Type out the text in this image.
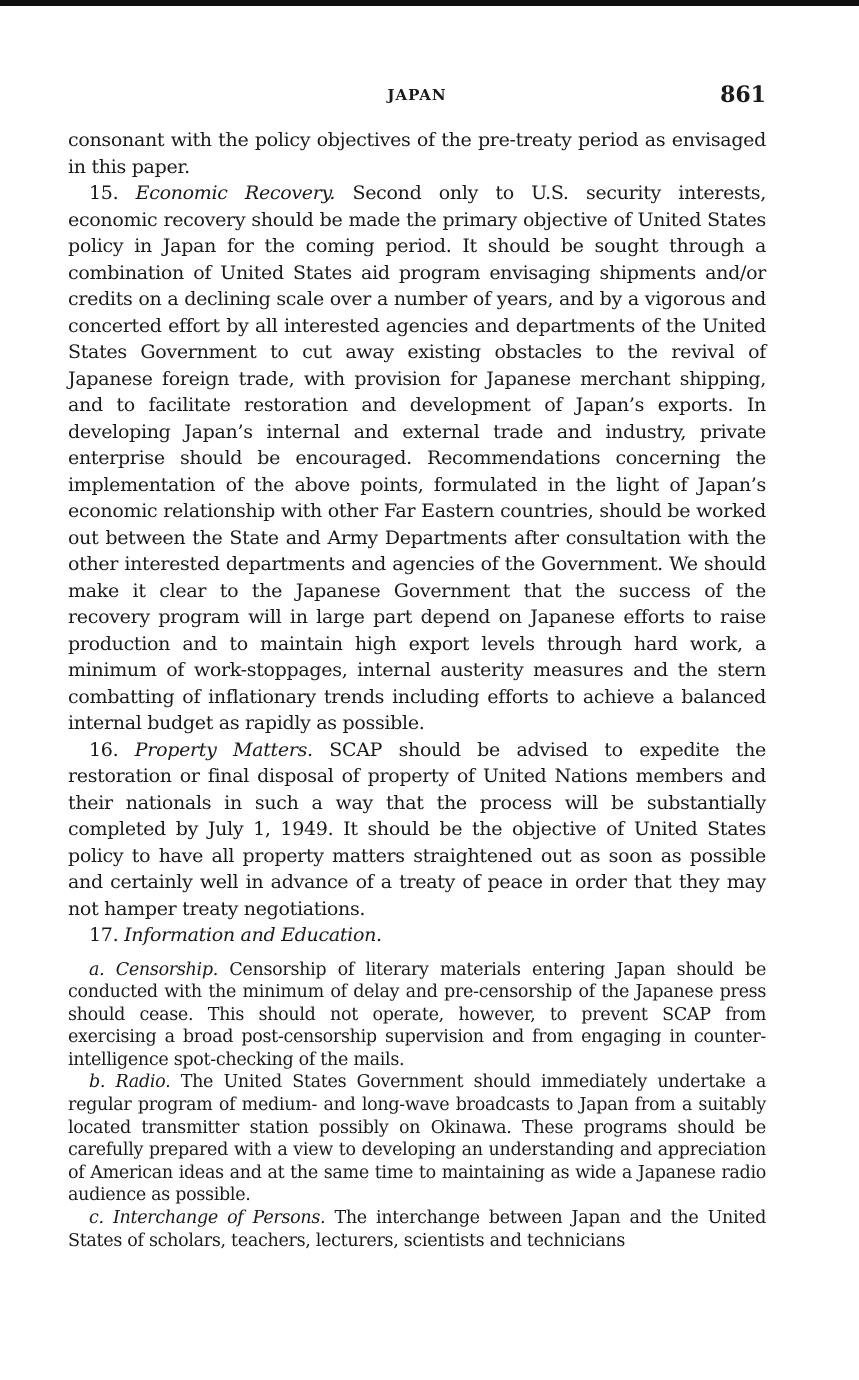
JAPAN	861

consonant with the policy objectives of the pre-treaty period as envisaged in this paper.

15. Economic Recovery. Second only to U.S. security interests, economic recovery should be made the primary objective of United States policy in Japan for the coming period. It should be sought through a combination of United States aid program envisaging shipments and/or credits on a declining scale over a number of years, and by a vigorous and concerted effort by all interested agencies and departments of the United States Government to cut away existing obstacles to the revival of Japanese foreign trade, with provision for Japanese merchant shipping, and to facilitate restoration and development of Japan’s exports. In developing Japan’s internal and external trade and industry, private enterprise should be encouraged. Recommendations concerning the implementation of the above points, formulated in the light of Japan’s economic relationship with other Far Eastern countries, should be worked out between the State and Army Departments after consultation with the other interested departments and agencies of the Government. We should make it clear to the Japanese Government that the success of the recovery program will in large part depend on Japanese efforts to raise production and to maintain high export levels through hard work, a minimum of work-stoppages, internal austerity measures and the stern combatting of inflationary trends including efforts to achieve a balanced internal budget as rapidly as possible.

16. Property Matters. SCAP should be advised to expedite the restoration or final disposal of property of United Nations members and their nationals in such a way that the process will be substantially completed by July 1, 1949. It should be the objective of United States policy to have all property matters straightened out as soon as possible and certainly well in advance of a treaty of peace in order that they may not hamper treaty negotiations.

17. Information and Education.

a. Censorship. Censorship of literary materials entering Japan should be conducted with the minimum of delay and pre-censorship of the Japanese press should cease. This should not operate, however, to prevent SCAP from exercising a broad post-censorship supervision and from engaging in counter-intelligence spot-checking of the mails.

b. Radio. The United States Government should immediately undertake a regular program of medium- and long-wave broadcasts to Japan from a suitably located transmitter station possibly on Okinawa. These programs should be carefully prepared with a view to developing an understanding and appreciation of American ideas and at the same time to maintaining as wide a Japanese radio audience as possible.

c. Interchange of Persons. The interchange between Japan and the United States of scholars, teachers, lecturers, scientists and technicians
